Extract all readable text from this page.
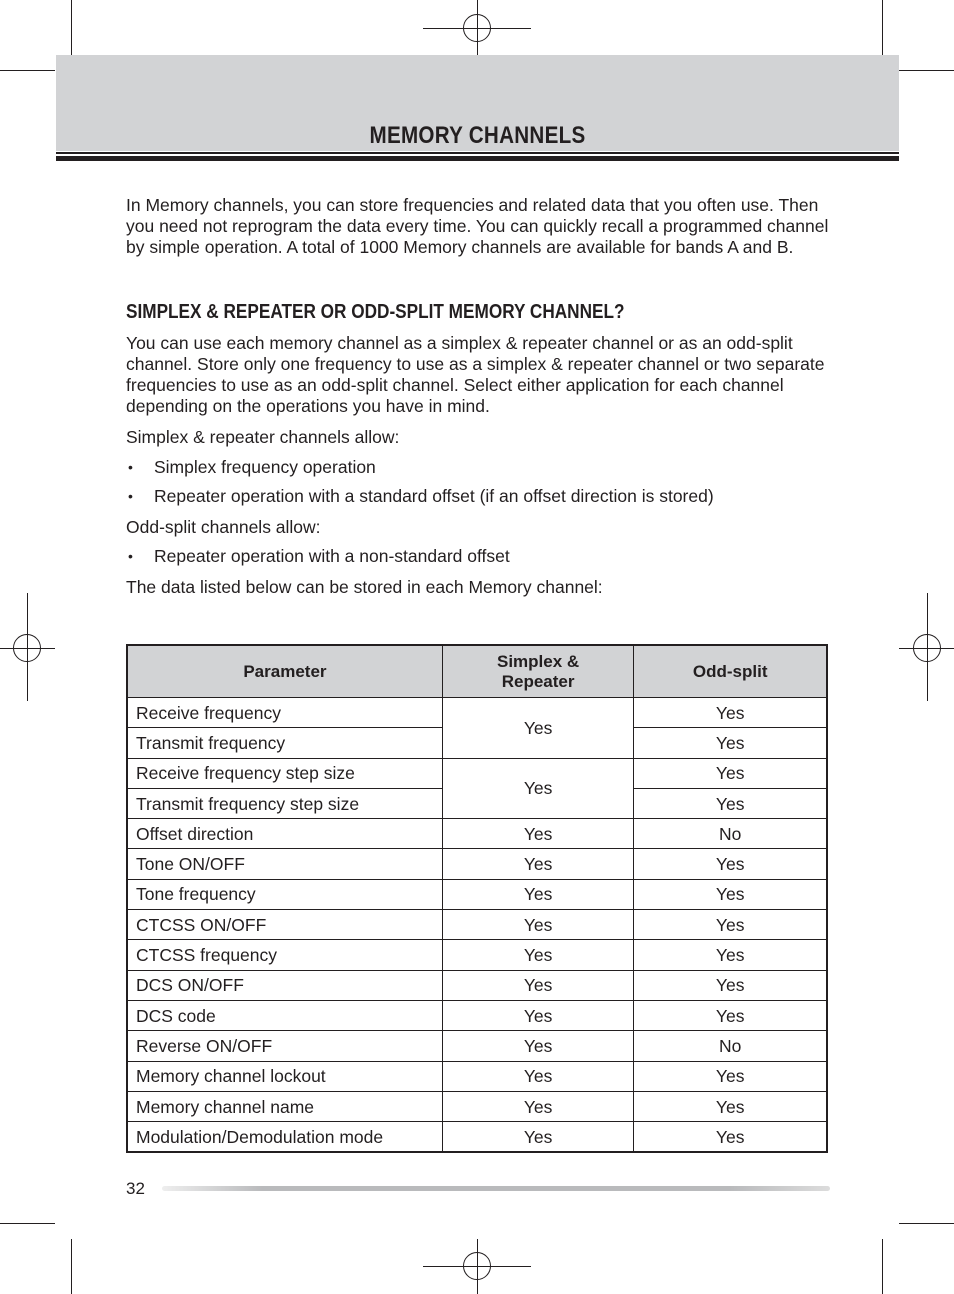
MEMORY CHANNELS

In Memory channels, you can store frequencies and related data that you often use. Then you need not reprogram the data every time. You can quickly recall a programmed channel by simple operation. A total of 1000 Memory channels are available for bands A and B.

SIMPLEX & REPEATER OR ODD-SPLIT MEMORY CHANNEL?

You can use each memory channel as a simplex & repeater channel or as an odd-split channel. Store only one frequency to use as a simplex & repeater channel or two separate frequencies to use as an odd-split channel. Select either application for each channel depending on the operations you have in mind.

Simplex & repeater channels allow:

•	Simplex frequency operation

•	Repeater operation with a standard offset (if an offset direction is stored)

Odd-split channels allow:

•	Repeater operation with a non-standard offset

The data listed below can be stored in each Memory channel:

Parameter	Simplex & Repeater	Odd-split
Receive frequency	Yes	Yes
Transmit frequency		Yes
Receive frequency step size	Yes	Yes
Transmit frequency step size		Yes
Offset direction	Yes	No
Tone ON/OFF	Yes	Yes
Tone frequency	Yes	Yes
CTCSS ON/OFF	Yes	Yes
CTCSS frequency	Yes	Yes
DCS ON/OFF	Yes	Yes
DCS code	Yes	Yes
Reverse ON/OFF	Yes	No
Memory channel lockout	Yes	Yes
Memory channel name	Yes	Yes
Modulation/Demodulation mode	Yes	Yes
32
